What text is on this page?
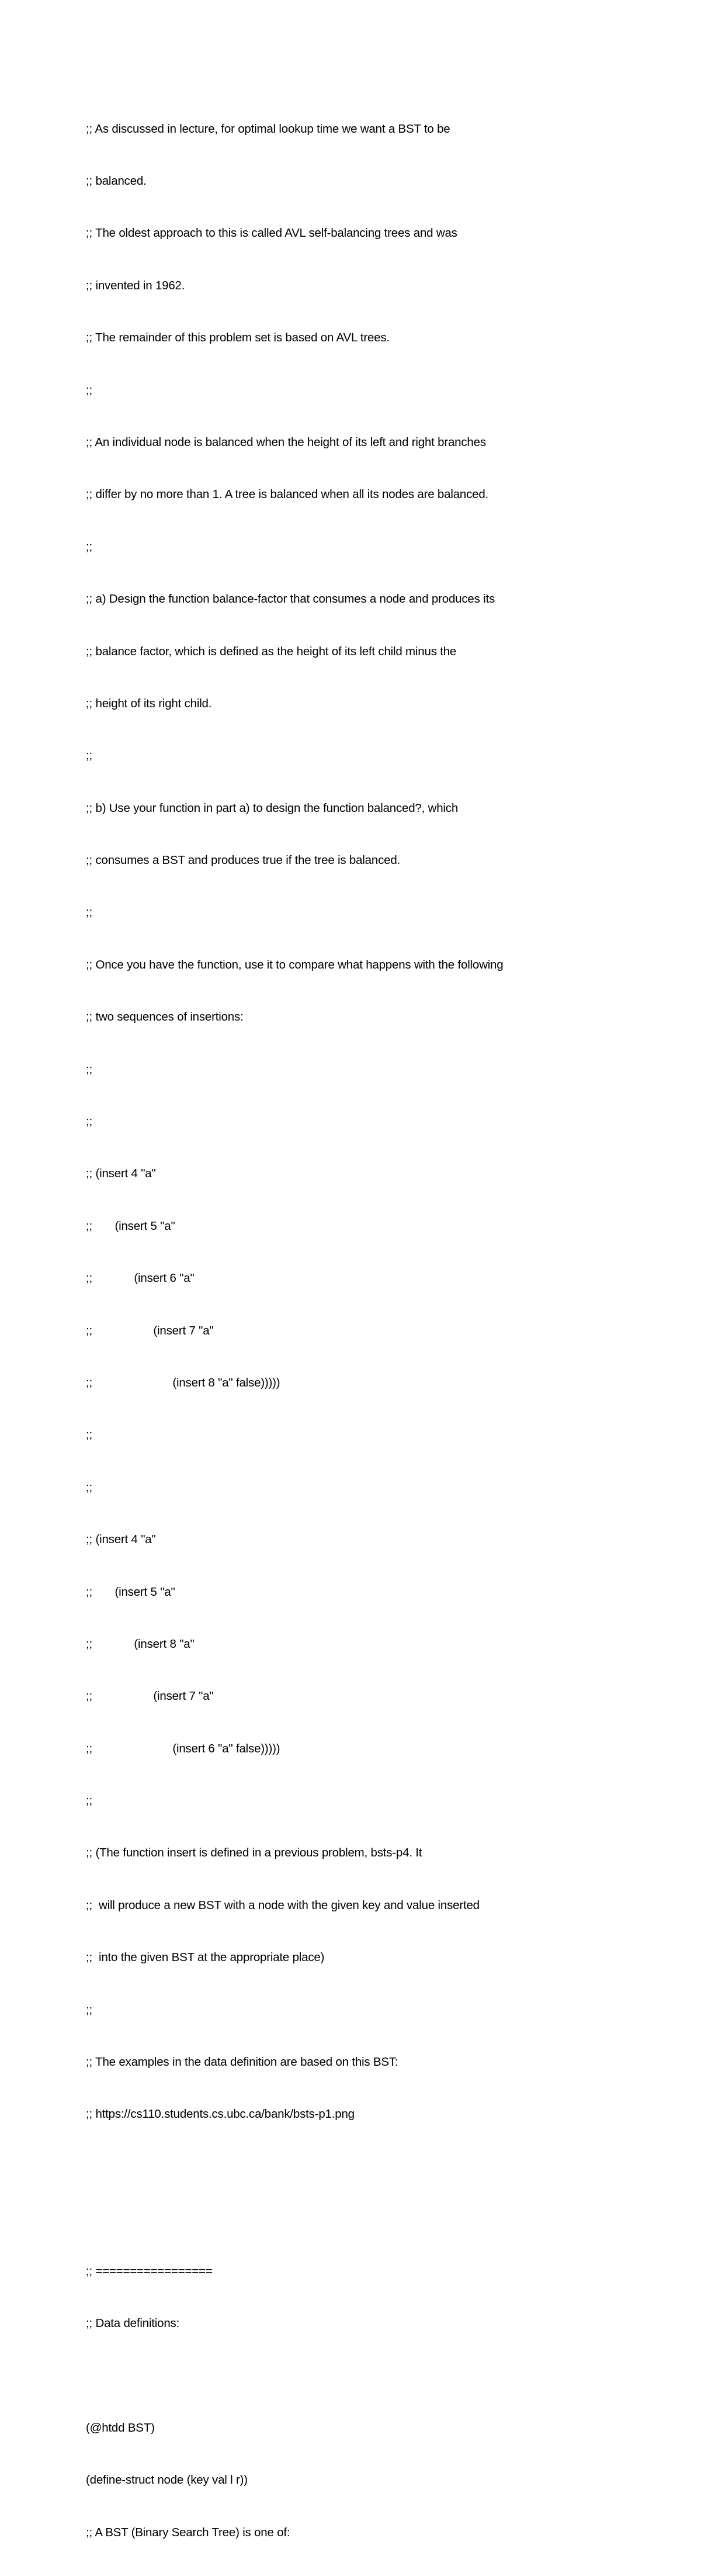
;; As discussed in lecture, for optimal lookup time we want a BST to be

;; balanced.

;; The oldest approach to this is called AVL self-balancing trees and was

;; invented in 1962.

;; The remainder of this problem set is based on AVL trees.

;;

;; An individual node is balanced when the height of its left and right branches

;; differ by no more than 1. A tree is balanced when all its nodes are balanced.

;;

;; a) Design the function balance-factor that consumes a node and produces its

;; balance factor, which is defined as the height of its left child minus the

;; height of its right child.

;;

;; b) Use your function in part a) to design the function balanced?, which

;; consumes a BST and produces true if the tree is balanced.

;;

;; Once you have the function, use it to compare what happens with the following

;; two sequences of insertions:

;;

;;

;; (insert 4 "a"

;;       (insert 5 "a"

;;             (insert 6 "a"

;;                   (insert 7 "a"

;;                         (insert 8 "a" false)))))

;;

;;

;; (insert 4 "a"

;;       (insert 5 "a"

;;             (insert 8 "a"

;;                   (insert 7 "a"

;;                         (insert 6 "a" false)))))

;;

;; (The function insert is defined in a previous problem, bsts-p4. It

;;  will produce a new BST with a node with the given key and value inserted

;;  into the given BST at the appropriate place)

;;

;; The examples in the data definition are based on this BST:

;; https://cs110.students.cs.ubc.ca/bank/bsts-p1.png

;; =================

;; Data definitions:

(@htdd BST)

(define-struct node (key val l r))

;; A BST (Binary Search Tree) is one of:
